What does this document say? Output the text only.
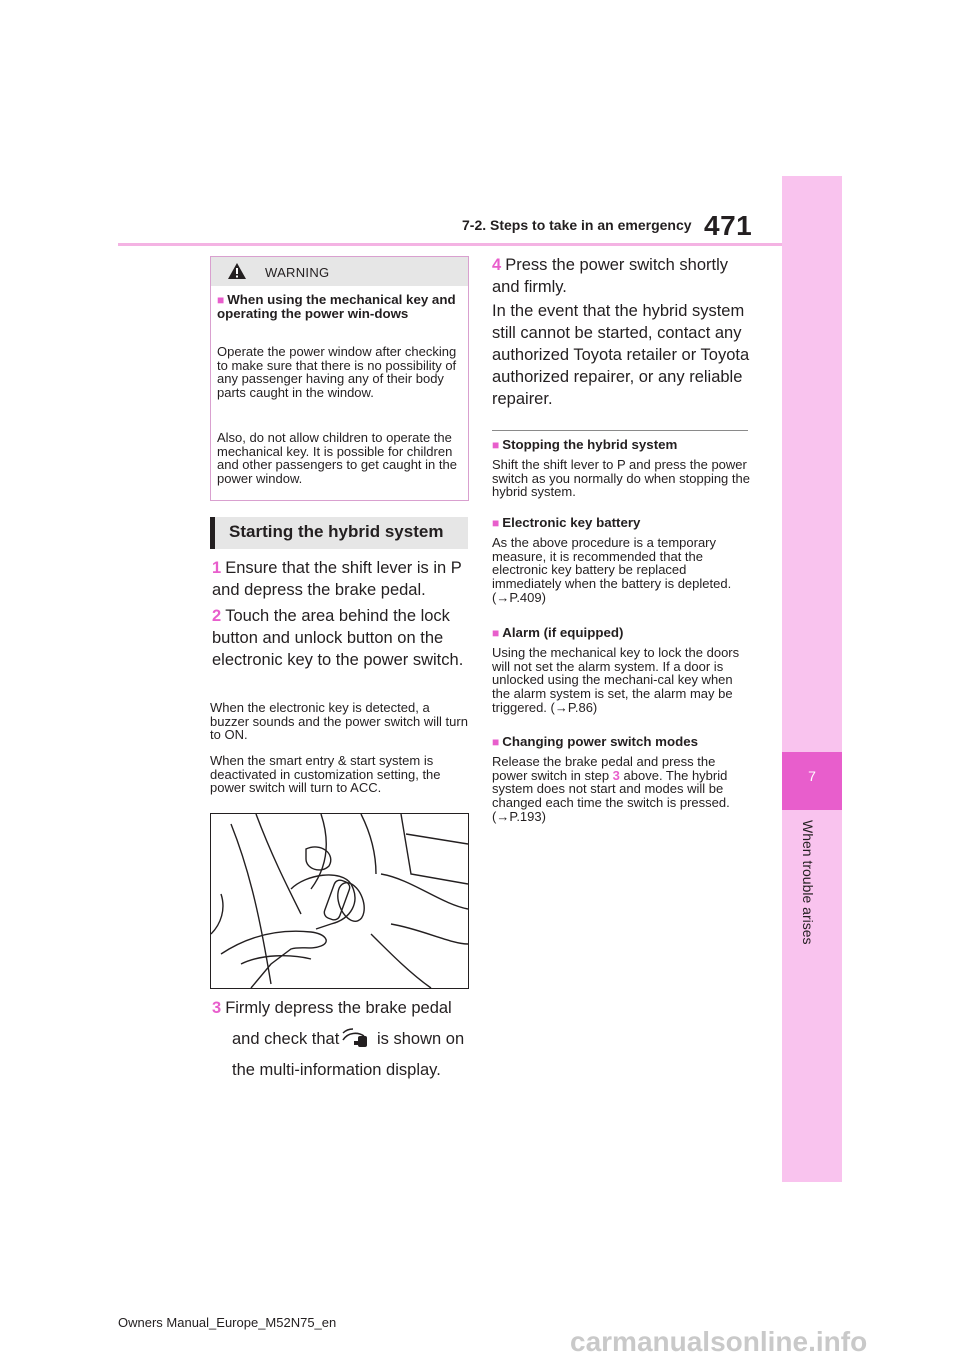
7-2. Steps to take in an emergency 471
7
When trouble arises
WARNING
■ When using the mechanical key and operating the power win-dows

Operate the power window after checking to make sure that there is no possibility of any passenger having any of their body parts caught in the window.

Also, do not allow children to operate the mechanical key. It is possible for children and other passengers to get caught in the power window.

Starting the hybrid system

1 Ensure that the shift lever is in P and depress the brake pedal.

2 Touch the area behind the lock button and unlock button on the electronic key to the power switch.

When the electronic key is detected, a buzzer sounds and the power switch will turn to ON.

When the smart entry & start system is deactivated in customization setting, the power switch will turn to ACC.

3 Firmly depress the brake pedal

and check that is shown on

the multi-information display.

4 Press the power switch shortly and firmly.

In the event that the hybrid system still cannot be started, contact any authorized Toyota retailer or Toyota authorized repairer, or any reliable repairer.

■ Stopping the hybrid system

Shift the shift lever to P and press the power switch as you normally do when stopping the hybrid system.

■ Electronic key battery

As the above procedure is a temporary measure, it is recommended that the electronic key battery be replaced immediately when the battery is depleted. (→P.409)

■ Alarm (if equipped)

Using the mechanical key to lock the doors will not set the alarm system. If a door is unlocked using the mechani-cal key when the alarm system is set, the alarm may be triggered. (→P.86)

■ Changing power switch modes

Release the brake pedal and press the power switch in step 3 above. The hybrid system does not start and modes will be changed each time the switch is pressed. (→P.193)

Owners Manual_Europe_M52N75_en
carmanualsonline.info
